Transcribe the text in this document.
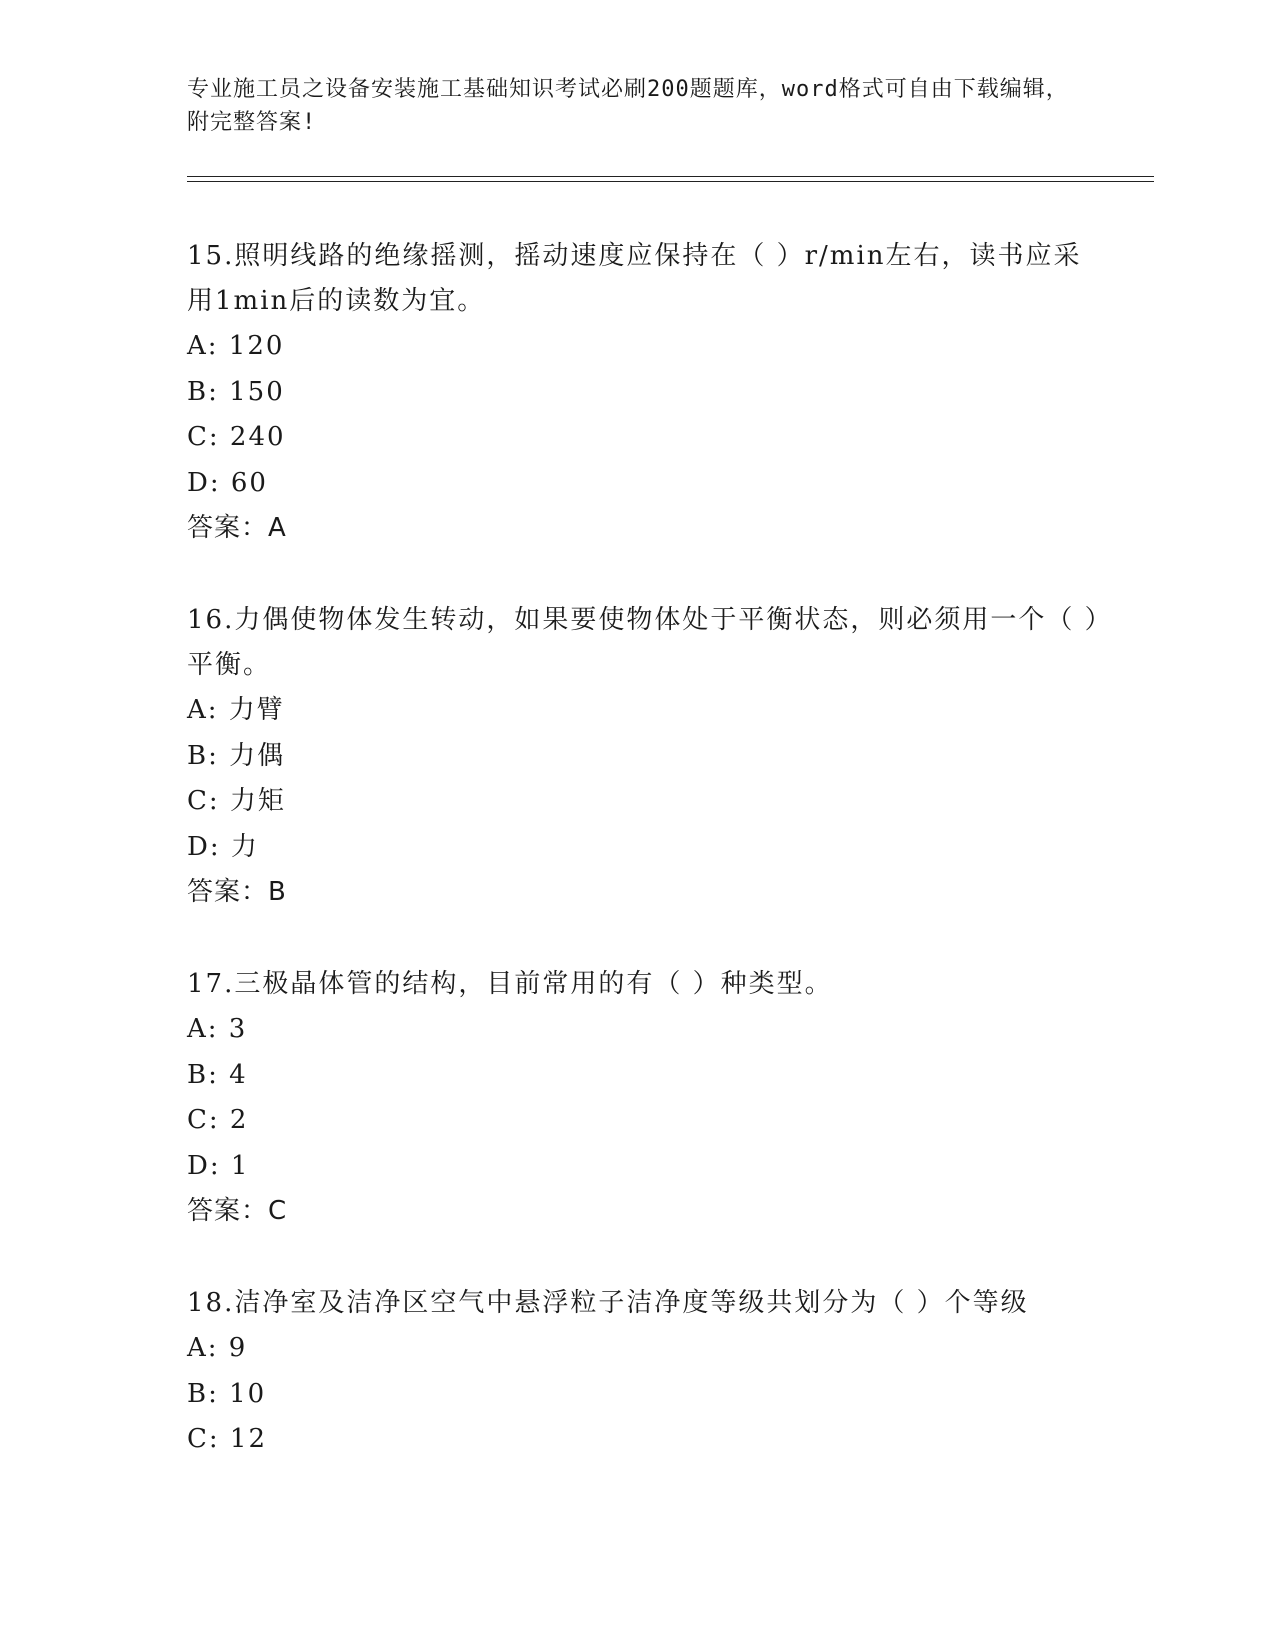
专业施工员之设备安装施工基础知识考试必刷200题题库，word格式可自由下载编辑，附完整答案!
15.照明线路的绝缘摇测，摇动速度应保持在（ ）r/min左右，读书应采用1min后的读数为宜。
A: 120
B: 150
C: 240
D: 60
答案：A
16.力偶使物体发生转动，如果要使物体处于平衡状态，则必须用一个（ ）平衡。
A: 力臂
B: 力偶
C: 力矩
D: 力
答案：B
17.三极晶体管的结构，目前常用的有（ ）种类型。
A: 3
B: 4
C: 2
D: 1
答案：C
18.洁净室及洁净区空气中悬浮粒子洁净度等级共划分为（ ）个等级
A: 9
B: 10
C: 12
